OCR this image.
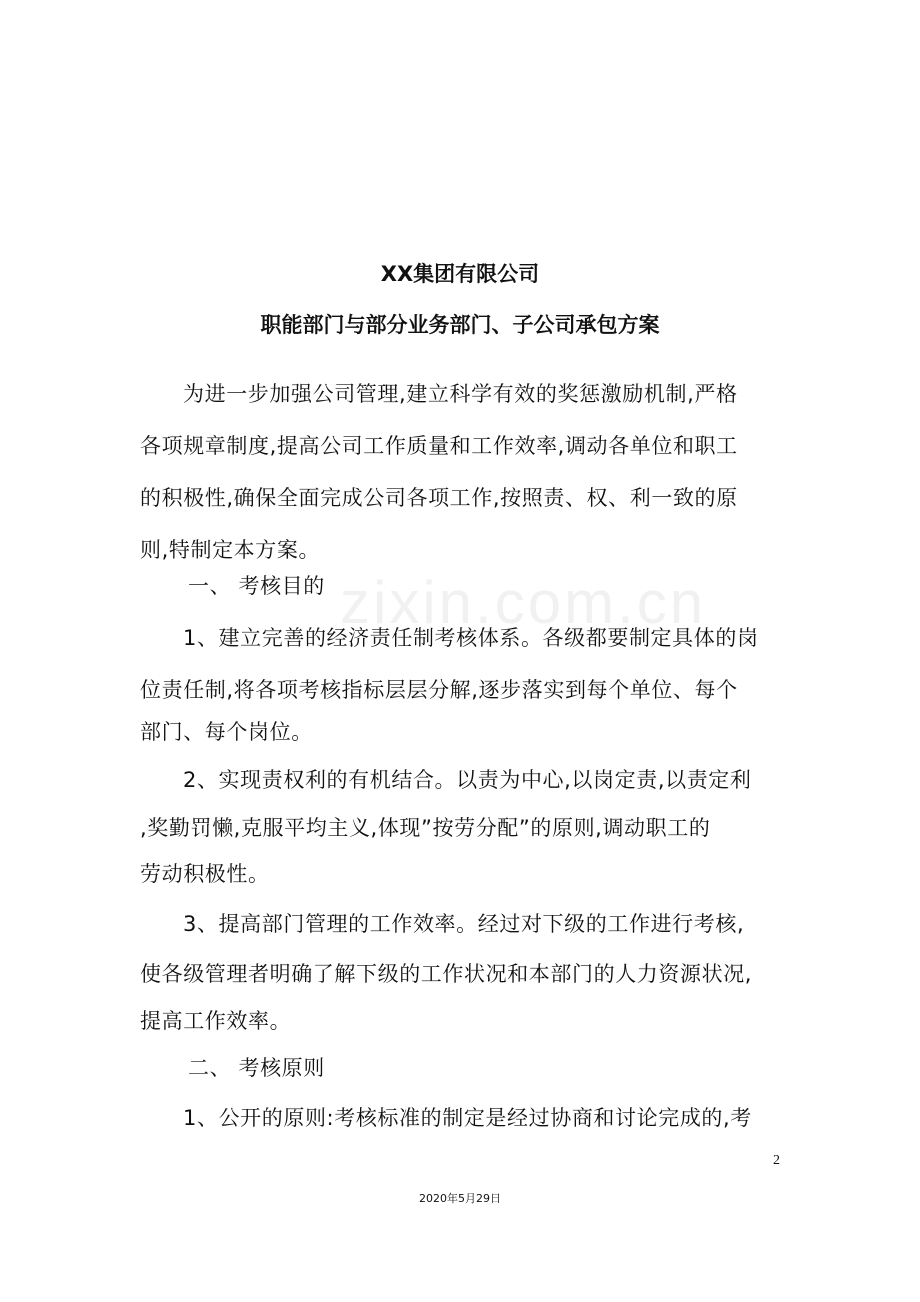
zixin.com.cn
XX集团有限公司
职能部门与部分业务部门、子公司承包方案
为进一步加强公司管理,建立科学有效的奖惩激励机制,严格
各项规章制度,提高公司工作质量和工作效率,调动各单位和职工
的积极性,确保全面完成公司各项工作,按照责、权、利一致的原
则,特制定本方案。
一、 考核目的
1、建立完善的经济责任制考核体系。各级都要制定具体的岗
位责任制,将各项考核指标层层分解,逐步落实到每个单位、每个
部门、每个岗位。
2、实现责权利的有机结合。以责为中心,以岗定责,以责定利
,奖勤罚懒,克服平均主义,体现”按劳分配”的原则,调动职工的
劳动积极性。
3、提高部门管理的工作效率。经过对下级的工作进行考核,
使各级管理者明确了解下级的工作状况和本部门的人力资源状况,
提高工作效率。
二、 考核原则
1、公开的原则:考核标准的制定是经过协商和讨论完成的,考
2
2020年5月29日
